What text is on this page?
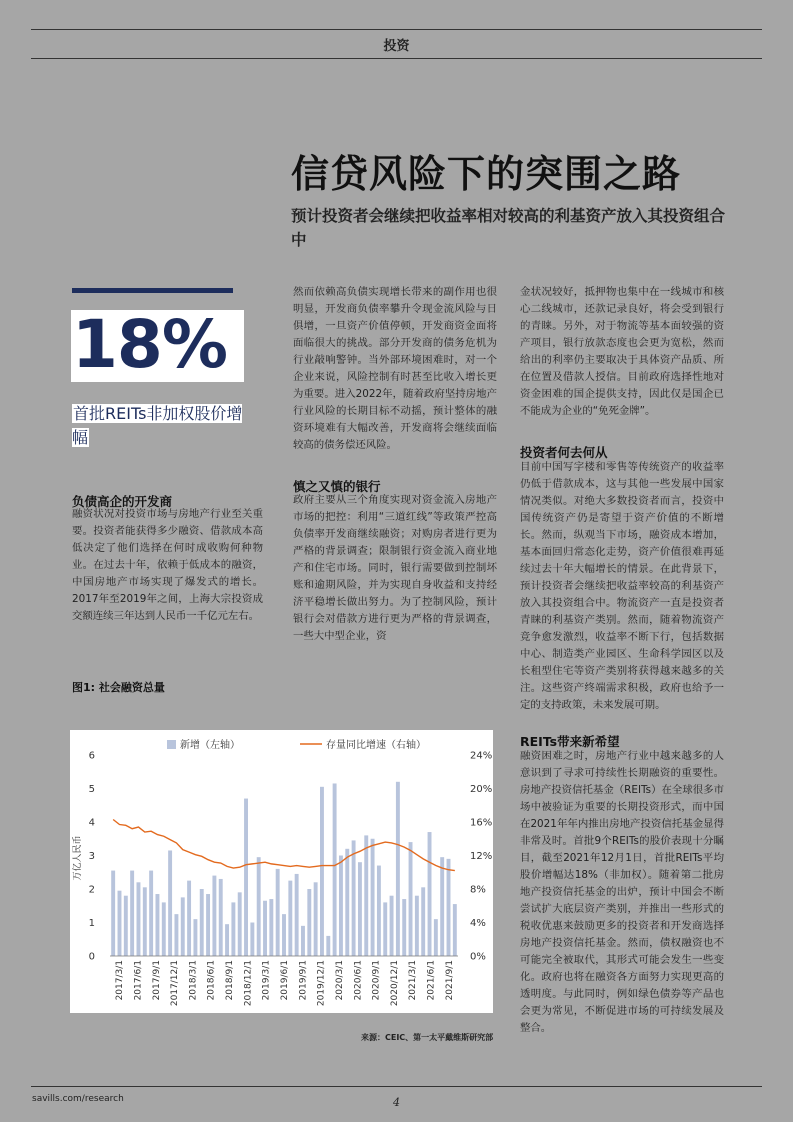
投资
信贷风险下的突围之路
预计投资者会继续把收益率相对较高的利基资产放入其投资组合中
18%
首批REITs非加权股价增幅
负债高企的开发商
融资状况对投资市场与房地产行业至关重要。投资者能获得多少融资、借款成本高低决定了他们选择在何时成收购何种物业。在过去十年，依赖于低成本的融资，中国房地产市场实现了爆发式的增长。2017年至2019年之间，上海大宗投资成交额连续三年达到人民币一千亿元左右。
然而依赖高负债实现增长带来的副作用也很明显，开发商负债率攀升令现金流风险与日俱增，一旦资产价值停顿，开发商资金面将面临很大的挑战。部分开发商的债务危机为行业敲响警钟。当外部环境困难时，对一个企业来说，风险控制有时甚至比收入增长更为重要。进入2022年，随着政府坚持房地产行业风险的长期目标不动摇，预计整体的融资环境难有大幅改善，开发商将会继续面临较高的债务偿还风险。
慎之又慎的银行
政府主要从三个角度实现对资金流入房地产市场的把控：利用“三道红线”等政策严控高负债率开发商继续融资；对购房者进行更为严格的背景调查；限制银行资金流入商业地产和住宅市场。同时，银行需要做到控制坏账和逾期风险，并为实现自身收益和支持经济平稳增长做出努力。为了控制风险，预计银行会对借款方进行更为严格的背景调查，一些大中型企业，资
金状况较好，抵押物也集中在一线城市和核心二线城市，还款记录良好，将会受到银行的青睐。另外，对于物流等基本面较强的资产项目，银行放款态度也会更为宽松，然而给出的利率仍主要取决于具体资产品质、所在位置及借款人授信。目前政府选择性地对资金困难的国企提供支持，因此仅是国企已不能成为企业的“免死金牌”。
投资者何去何从
目前中国写字楼和零售等传统资产的收益率仍低于借款成本，这与其他一些发展中国家情况类似。对绝大多数投资者而言，投资中国传统资产仍是寄望于资产价值的不断增长。然而，纵观当下市场，融资成本增加，基本面回归常态化走势，资产价值很难再延续过去十年大幅增长的情景。在此背景下，预计投资者会继续把收益率较高的利基资产放入其投资组合中。物流资产一直是投资者青睐的利基资产类别。然而，随着物流资产竞争愈发激烈，收益率不断下行，包括数据中心、制造类产业园区、生命科学园区以及长租型住宅等资产类别将获得越来越多的关注。这些资产终端需求积极，政府也给予一定的支持政策，未来发展可期。
REITs带来新希望
融资困难之时，房地产行业中越来越多的人意识到了寻求可持续性长期融资的重要性。房地产投资信托基金（REITs）在全球很多市场中被验证为重要的长期投资形式，而中国在2021年年内推出房地产投资信托基金显得非常及时。首批9个REITs的股价表现十分瞩目，截至2021年12月1日，首批REITs平均股价增幅达18%（非加权）。随着第二批房地产投资信托基金的出炉，预计中国会不断尝试扩大底层资产类别，并推出一些形式的税收优惠来鼓励更多的投资者和开发商选择房地产投资信托基金。然而，债权融资也不可能完全被取代，其形式可能会发生一些变化。政府也将在融资各方面努力实现更高的透明度。与此同时，例如绿色债券等产品也会更为常见，不断促进市场的可持续发展及整合。
图1: 社会融资总量
新增（左轴）	存量同比增速（右轴）
0
1
2
3
4
5
6
0%
4%
8%
12%
16%
20%
24%
万亿人民币
2017/3/1 2017/6/1 2017/9/1 2017/12/1 2018/3/1 2018/6/1 2018/9/1 2018/12/1 2019/3/1 2019/6/1 2019/9/1 2019/12/1 2020/3/1 2020/6/1 2020/9/1 2020/12/1 2021/3/1 2021/6/1 2021/9/1
来源：CEIC、第一太平戴维斯研究部
savills.com/research	4
